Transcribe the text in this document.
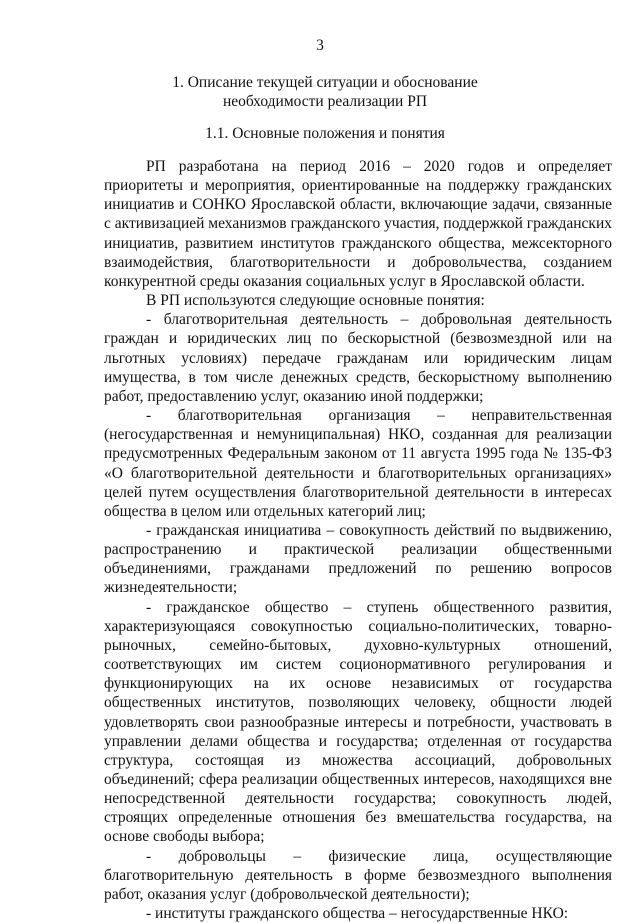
3
1. Описание текущей ситуации и обоснование
необходимости реализации РП
1.1. Основные положения и понятия

РП разработана на период 2016 – 2020 годов и определяет приоритеты и мероприятия, ориентированные на поддержку гражданских инициатив и СОНКО Ярославской области, включающие задачи, связанные с активизацией механизмов гражданского участия, поддержкой гражданских инициатив, развитием институтов гражданского общества, межсекторного взаимодействия, благотворительности и добровольчества, созданием конкурентной среды оказания социальных услуг в Ярославской области.

В РП используются следующие основные понятия:

- благотворительная деятельность – добровольная деятельность граждан и юридических лиц по бескорыстной (безвозмездной или на льготных условиях) передаче гражданам или юридическим лицам имущества, в том числе денежных средств, бескорыстному выполнению работ, предоставлению услуг, оказанию иной поддержки;

- благотворительная организация – неправительственная (негосударственная и немуниципальная) НКО, созданная для реализации предусмотренных Федеральным законом от 11 августа 1995 года № 135-ФЗ «О благотворительной деятельности и благотворительных организациях» целей путем осуществления благотворительной деятельности в интересах общества в целом или отдельных категорий лиц;

- гражданская инициатива – совокупность действий по выдвижению, распространению и практической реализации общественными объединениями, гражданами предложений по решению вопросов жизнедеятельности;

- гражданское общество – ступень общественного развития, характеризующаяся совокупностью социально-политических, товарно-рыночных, семейно-бытовых, духовно-культурных отношений, соответствующих им систем соционормативного регулирования и функционирующих на их основе независимых от государства общественных институтов, позволяющих человеку, общности людей удовлетворять свои разнообразные интересы и потребности, участвовать в управлении делами общества и государства; отделенная от государства структура, состоящая из множества ассоциаций, добровольных объединений; сфера реализации общественных интересов, находящихся вне непосредственной деятельности государства; совокупность людей, строящих определенные отношения без вмешательства государства, на основе свободы выбора;

- добровольцы – физические лица, осуществляющие благотворительную деятельность в форме безвозмездного выполнения работ, оказания услуг (добровольческой деятельности);

- институты гражданского общества – негосударственные НКО:
